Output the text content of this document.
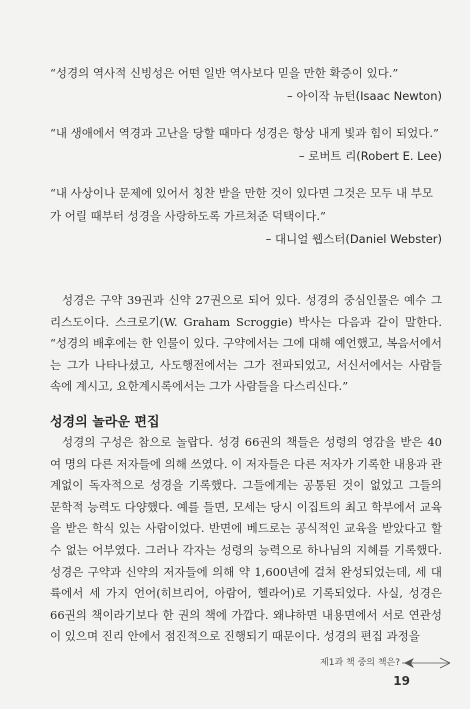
“성경의 역사적 신빙성은 어떤 일반 역사보다 믿을 만한 확증이 있다.”
– 아이작 뉴턴(Isaac Newton)
“내 생애에서 역경과 고난을 당할 때마다 성경은 항상 내게 빛과 힘이 되었다.”
– 로버트 리(Robert E. Lee)
“내 사상이나 문제에 있어서 칭찬 받을 만한 것이 있다면 그것은 모두 내 부모가 어릴 때부터 성경을 사랑하도록 가르쳐준 덕택이다.”
– 대니얼 웹스터(Daniel Webster)

성경은 구약 39권과 신약 27권으로 되어 있다. 성경의 중심인물은 예수 그리스도이다. 스크로기(W. Graham Scroggie) 박사는 다음과 같이 말한다. “성경의 배후에는 한 인물이 있다. 구약에서는 그에 대해 예언했고, 복음서에서는 그가 나타나셨고, 사도행전에서는 그가 전파되었고, 서신서에서는 사람들 속에 계시고, 요한계시록에서는 그가 사람들을 다스리신다.”

성경의 놀라운 편집

성경의 구성은 참으로 놀랍다. 성경 66권의 책들은 성령의 영감을 받은 40여 명의 다른 저자들에 의해 쓰였다. 이 저자들은 다른 저자가 기록한 내용과 관계없이 독자적으로 성경을 기록했다. 그들에게는 공통된 것이 없었고 그들의 문학적 능력도 다양했다. 예를 들면, 모세는 당시 이집트의 최고 학부에서 교육을 받은 학식 있는 사람이었다. 반면에 베드로는 공식적인 교육을 받았다고 할 수 없는 어부였다. 그러나 각자는 성령의 능력으로 하나님의 지혜를 기록했다. 성경은 구약과 신약의 저자들에 의해 약 1,600년에 걸쳐 완성되었는데, 세 대륙에서 세 가지 언어(히브리어, 아람어, 헬라어)로 기록되었다. 사실, 성경은 66권의 책이라기보다 한 권의 책에 가깝다. 왜냐하면 내용면에서 서로 연관성이 있으며 진리 안에서 점진적으로 진행되기 때문이다. 성경의 편집 과정을

제1과 책 중의 책은?
19
